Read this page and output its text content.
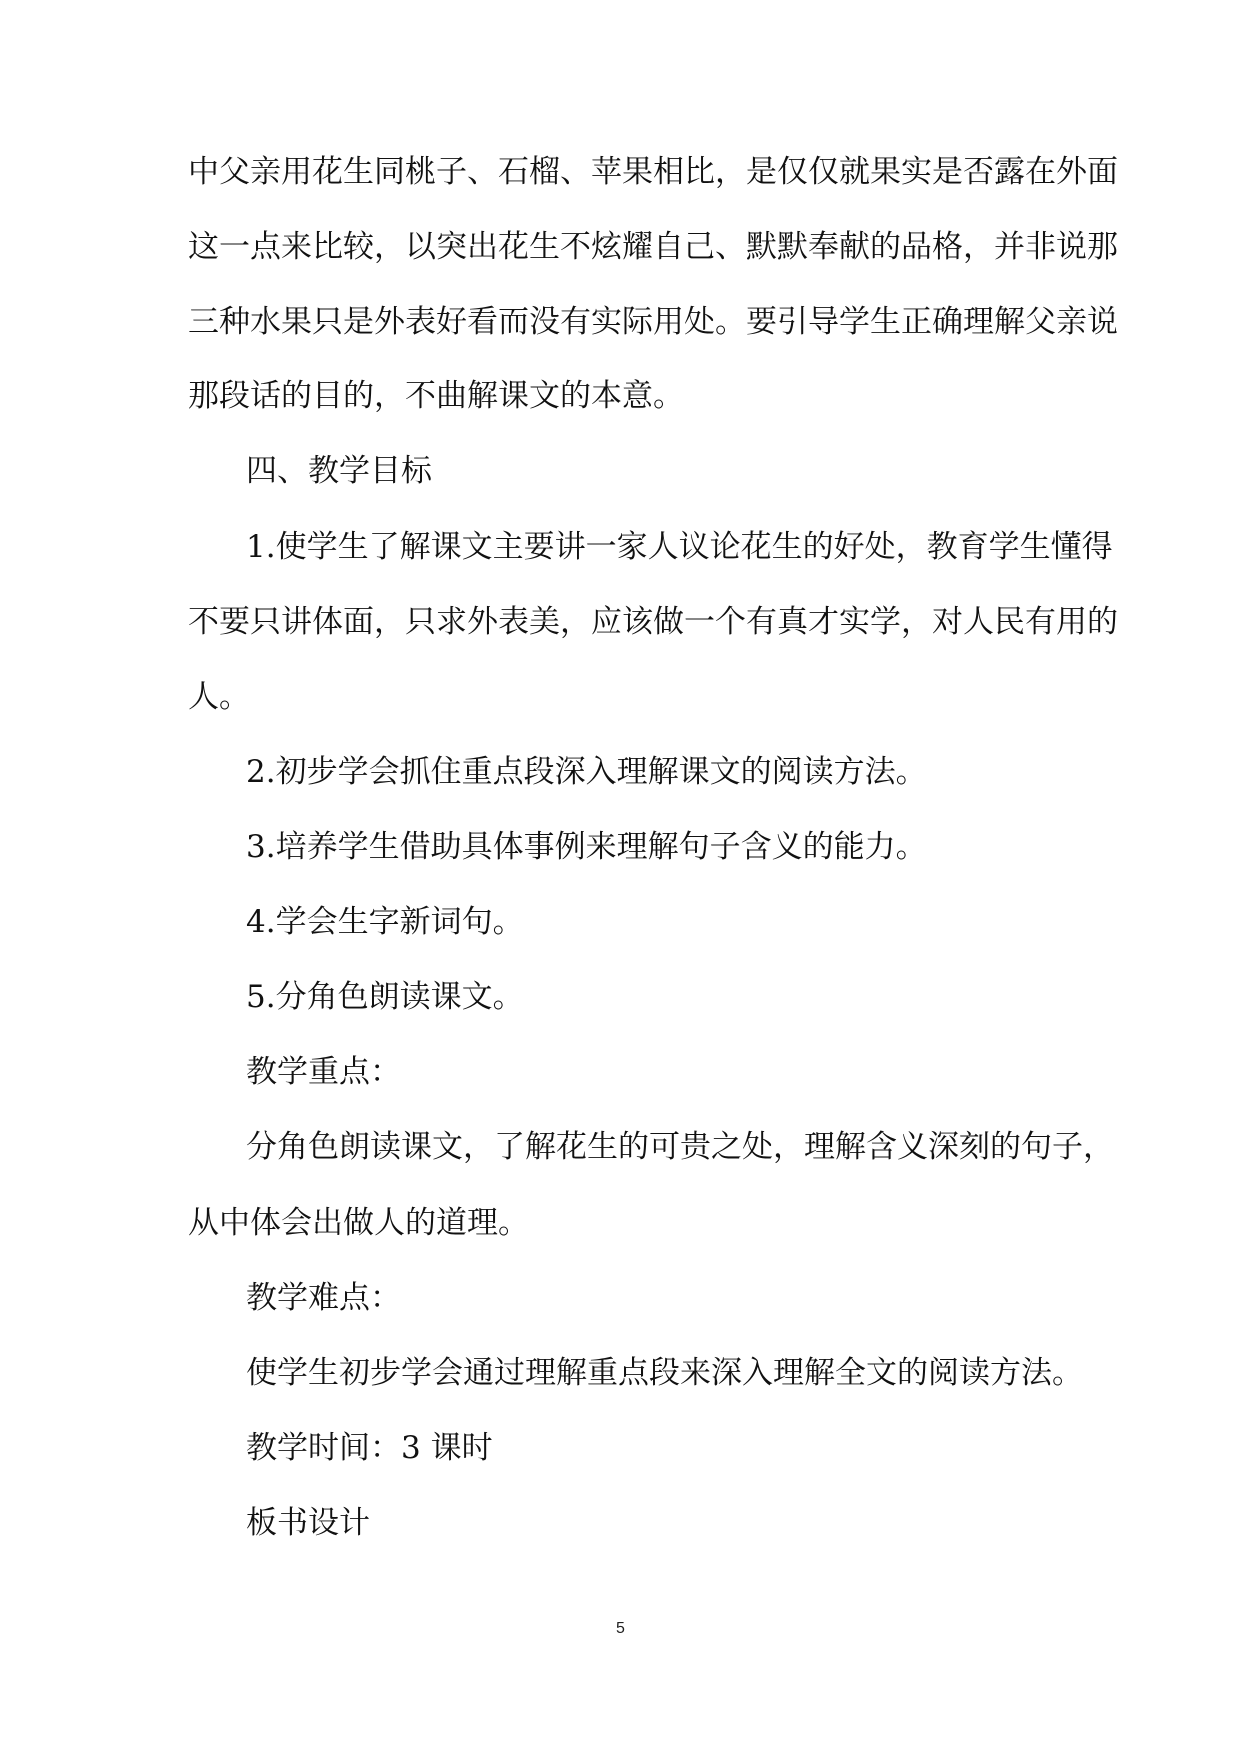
中父亲用花生同桃子、石榴、苹果相比，是仅仅就果实是否露在外面
这一点来比较，以突出花生不炫耀自己、默默奉献的品格，并非说那
三种水果只是外表好看而没有实际用处。要引导学生正确理解父亲说
那段话的目的，不曲解课文的本意。
四、教学目标
1.使学生了解课文主要讲一家人议论花生的好处，教育学生懂得
不要只讲体面，只求外表美，应该做一个有真才实学，对人民有用的
人。
2.初步学会抓住重点段深入理解课文的阅读方法。
3.培养学生借助具体事例来理解句子含义的能力。
4.学会生字新词句。
5.分角色朗读课文。
教学重点：
分角色朗读课文，了解花生的可贵之处，理解含义深刻的句子，
从中体会出做人的道理。
教学难点：
使学生初步学会通过理解重点段来深入理解全文的阅读方法。
教学时间：3 课时
板书设计
5
